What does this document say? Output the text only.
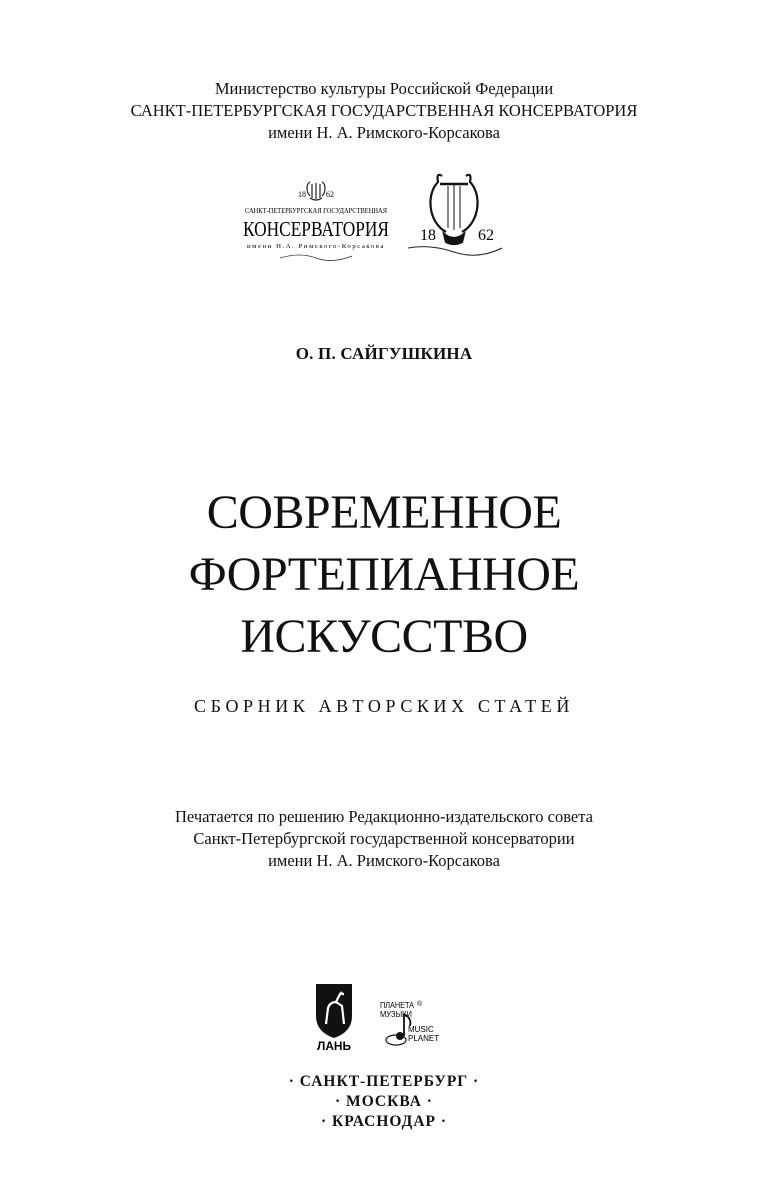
Министерство культуры Российской Федерации
САНКТ-ПЕТЕРБУРГСКАЯ ГОСУДАРСТВЕННАЯ КОНСЕРВАТОРИЯ
имени Н. А. Римского-Корсакова
18	62
САНКТ-ПЕТЕРБУРГСКАЯ ГОСУДАРСТВЕННАЯ
КОНСЕРВАТОРИЯ
имени Н.А. Римского-Корсакова
18	62
О. П. САЙГУШКИНА
СОВРЕМЕННОЕ
ФОРТЕПИАННОЕ
ИСКУССТВО
СБОРНИК АВТОРСКИХ СТАТЕЙ
Печатается по решению Редакционно-издательского совета
Санкт-Петербургской государственной консерватории
имени Н. А. Римского-Корсакова
ЛАНЬ
ПЛАНЕТА
МУЗЫКИ
®
MUSIC
PLANET
· САНКТ-ПЕТЕРБУРГ ·
· МОСКВА ·
· КРАСНОДАР ·
